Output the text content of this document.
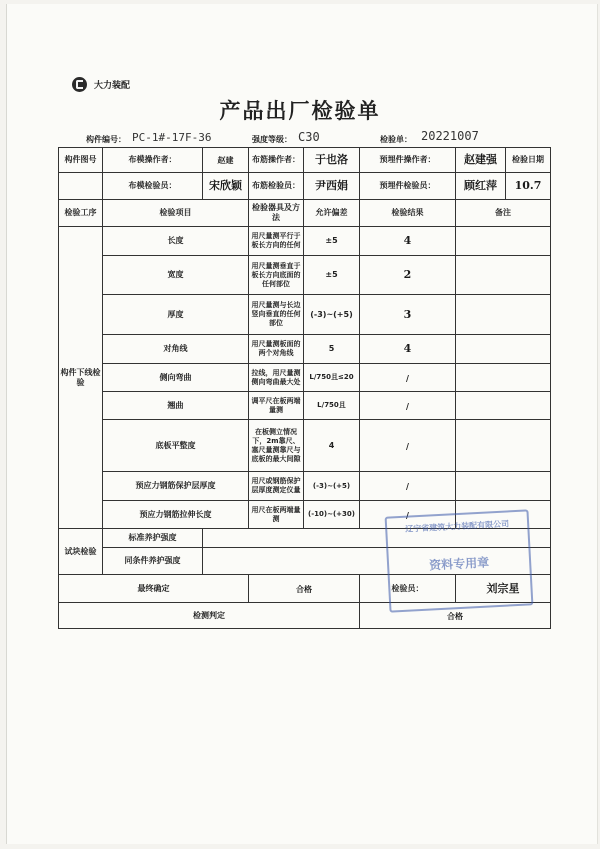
大力装配
产品出厂检验单
构件编号： PC-1#-17F-36	强度等级： C30	检验单： 20221007
构件图号	布模操作者：	赵建	布筋操作者：	于也洛	预埋件操作者：	赵建强	检验日期
	布模检验员：	宋欣颖	布筋检验员：	尹西娟	预埋件检验员：	顾红萍	10.7
检验工序	检验项目		检验器具及方法	允许偏差	检验结果	备注	
构件下线检验	长度		用尺量测平行于板长方向的任何	±5	4		
	宽度		用尺量测垂直于板长方向底面的任何部位	±5	2		
	厚度		用尺量测与长边竖向垂直的任何部位	(-3)~(+5)	3		
	对角线		用尺量测板面的两个对角线	5	4		
	侧向弯曲		拉线，用尺量测侧向弯曲最大处	L/750且≤20	/		
	翘曲		调平尺在板两端量测	L/750且	/		
	底板平整度		在板侧立情况下，2m靠尺、塞尺量测靠尺与底板的最大间隙	4	/		
	预应力钢筋保护层厚度		用尺或钢筋保护层厚度测定仪量	(-3)~(+5)	/		
	预应力钢筋拉伸长度		用尺在板两端量测	(-10)~(+30)	/		
试块检验	标准养护强度						
	同条件养护强度						
最终确定			合格		检验员：	刘宗星	
检测判定					合格		
辽宁省建筑大力装配有限公司
资料专用章
